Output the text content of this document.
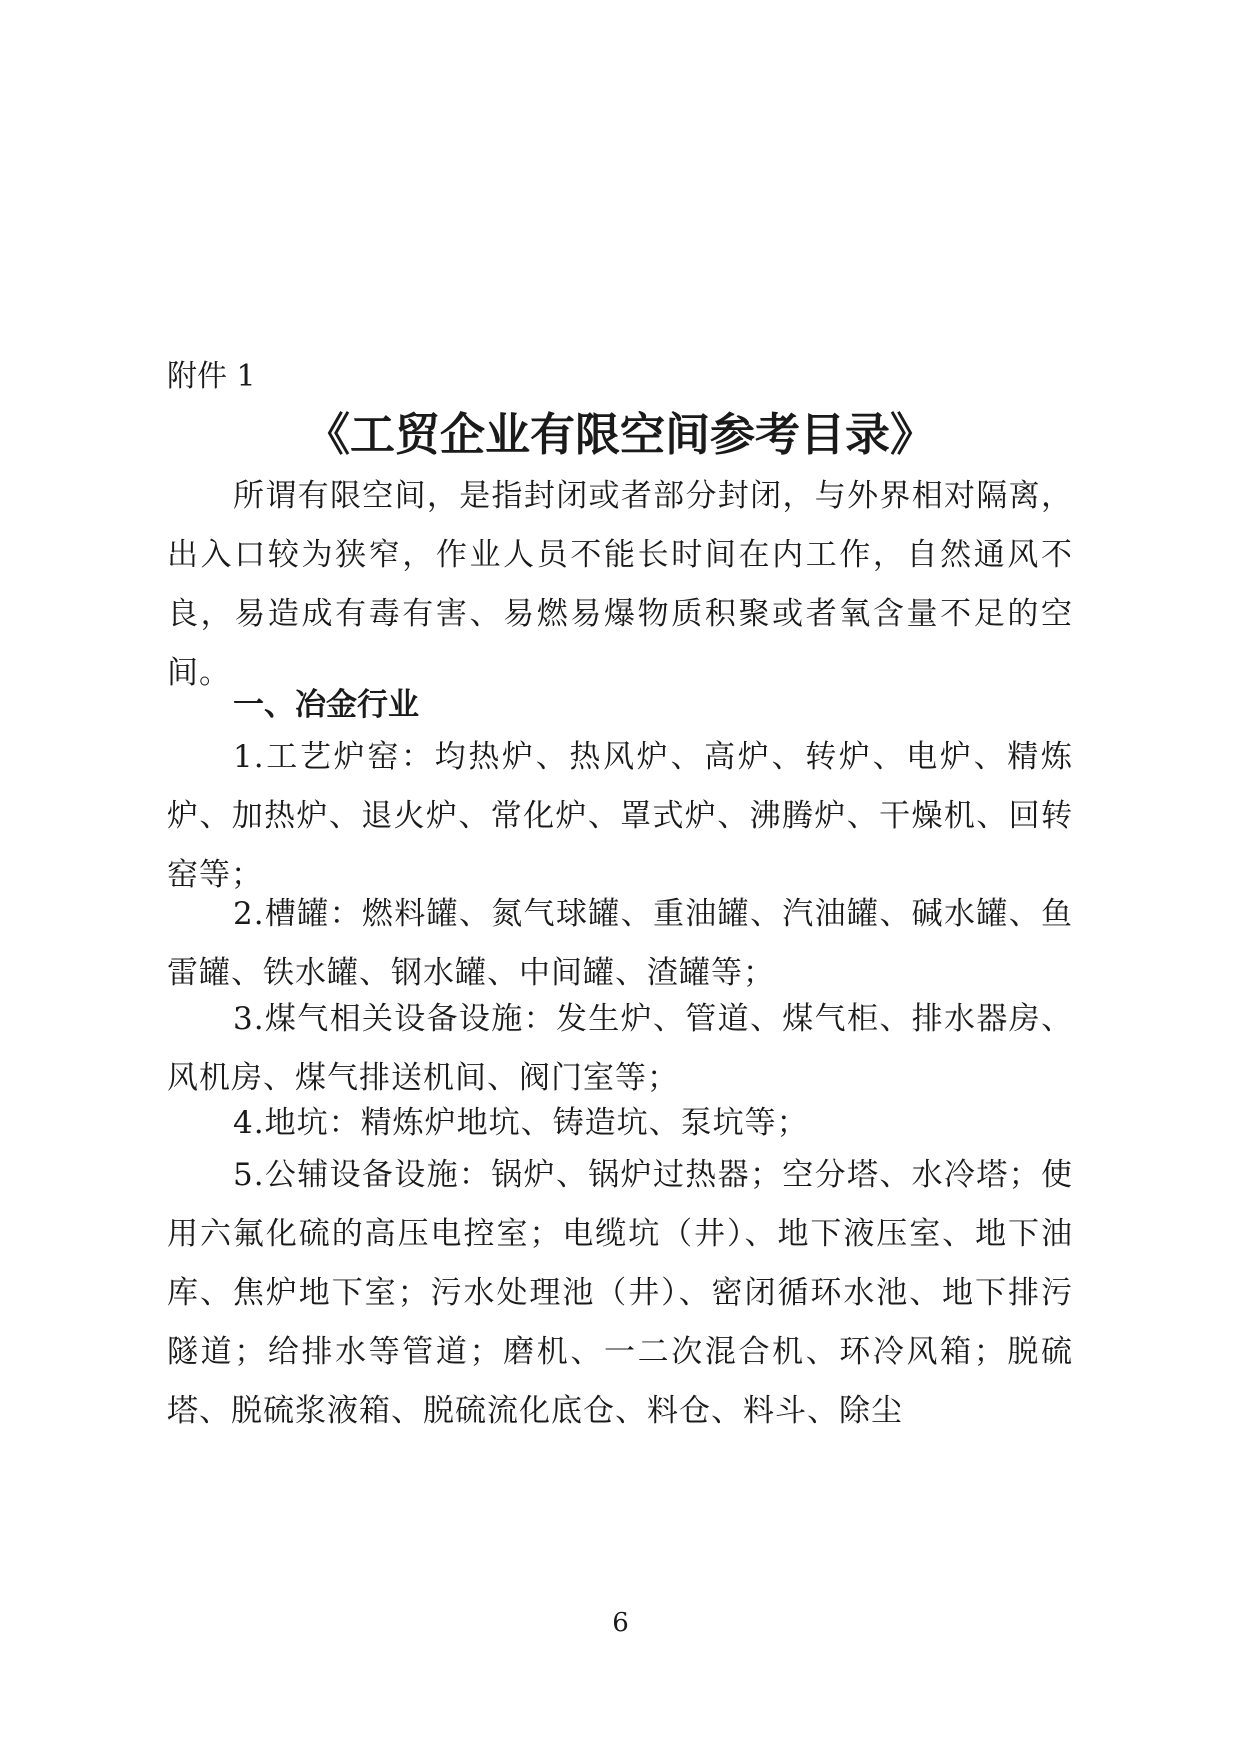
附件 1
《工贸企业有限空间参考目录》
所谓有限空间，是指封闭或者部分封闭，与外界相对隔离，出入口较为狭窄，作业人员不能长时间在内工作，自然通风不良，易造成有毒有害、易燃易爆物质积聚或者氧含量不足的空间。
一、冶金行业
1.工艺炉窑：均热炉、热风炉、高炉、转炉、电炉、精炼炉、加热炉、退火炉、常化炉、罩式炉、沸腾炉、干燥机、回转窑等；
2.槽罐：燃料罐、氮气球罐、重油罐、汽油罐、碱水罐、鱼雷罐、铁水罐、钢水罐、中间罐、渣罐等；
3.煤气相关设备设施：发生炉、管道、煤气柜、排水器房、风机房、煤气排送机间、阀门室等；
4.地坑：精炼炉地坑、铸造坑、泵坑等；
5.公辅设备设施：锅炉、锅炉过热器；空分塔、水冷塔；使用六氟化硫的高压电控室；电缆坑（井）、地下液压室、地下油库、焦炉地下室；污水处理池（井）、密闭循环水池、地下排污隧道；给排水等管道；磨机、一二次混合机、环冷风箱；脱硫塔、脱硫浆液箱、脱硫流化底仓、料仓、料斗、除尘
6
